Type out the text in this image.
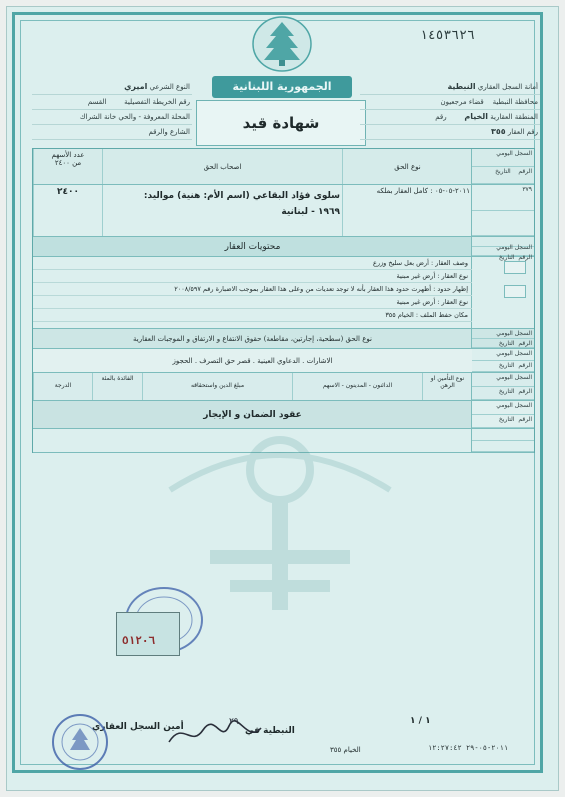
١٤٥٣٦٢٦
الجمهورية اللبنانية
شهادة قيد
أمانة السجل العقاري النبطية
محافظة النبطية    قضاء مرجعيون
المنطقة العقارية الخيام        رقم
رقم العقار ٣٥٥
النوع الشرعي اميري
رقم الخريطة التفصيلية        القسم
المحلة المعروفة - والحي خانة الشراك
الشارع والرقم
السجل اليومي
الرقم    التاريخ
نوع الحق
اصحاب الحق
عدد الأسهم
من ٢٤٠٠
٣٧٩
٢٠١١-٠٥-٠٥ : كامل العقار بملكه
سلوى فؤاد البقاعي (اسم الأم: هنية) مواليد:
١٩٦٩ - لبنانية
٢٤٠٠
السجل اليومي
الرقم  التاريخ
محتويات العقار
وصف العقار : أرض بعل سليخ وزرع
نوع العقار : أرض غير مبنية
إظهار حدود : أظهرت حدود هذا العقار بأنه لا توجد تعديات من وعلى هذا العقار بموجب الاضبارة رقم ٢٠٠٨/٥٩٧
نوع العقار : أرض غير مبنية
مكان حفظ الملف : الخيام ٣٥٥
السجل اليومي
الرقم  التاريخ
نوع الحق (سطحية، إجارتين، مقاطعة) حقوق الانتفاع و الارتفاق و الموجبات العقارية
السجل اليومي
الرقم  التاريخ
الاشارات . الدعاوي العينية . قصر حق التصرف . الحجوز
السجل اليومي
الرقم  التاريخ
نوع التأمين او الرهن
الدائنون - المدينون - الاسهم
مبلغ الدين واستحقاقه
الفائدة بالمئة
الدرجة
السجل اليومي
الرقم  التاريخ
عقود الضمان و الإيجار
٥١٢٠٦
١ / ١
النبطية في
أمين السجل العقاري
الخيام ٣٥٥	٢٠١١-٠٥-٢٩ ١٢:٢٧:٤٢
٢٩
